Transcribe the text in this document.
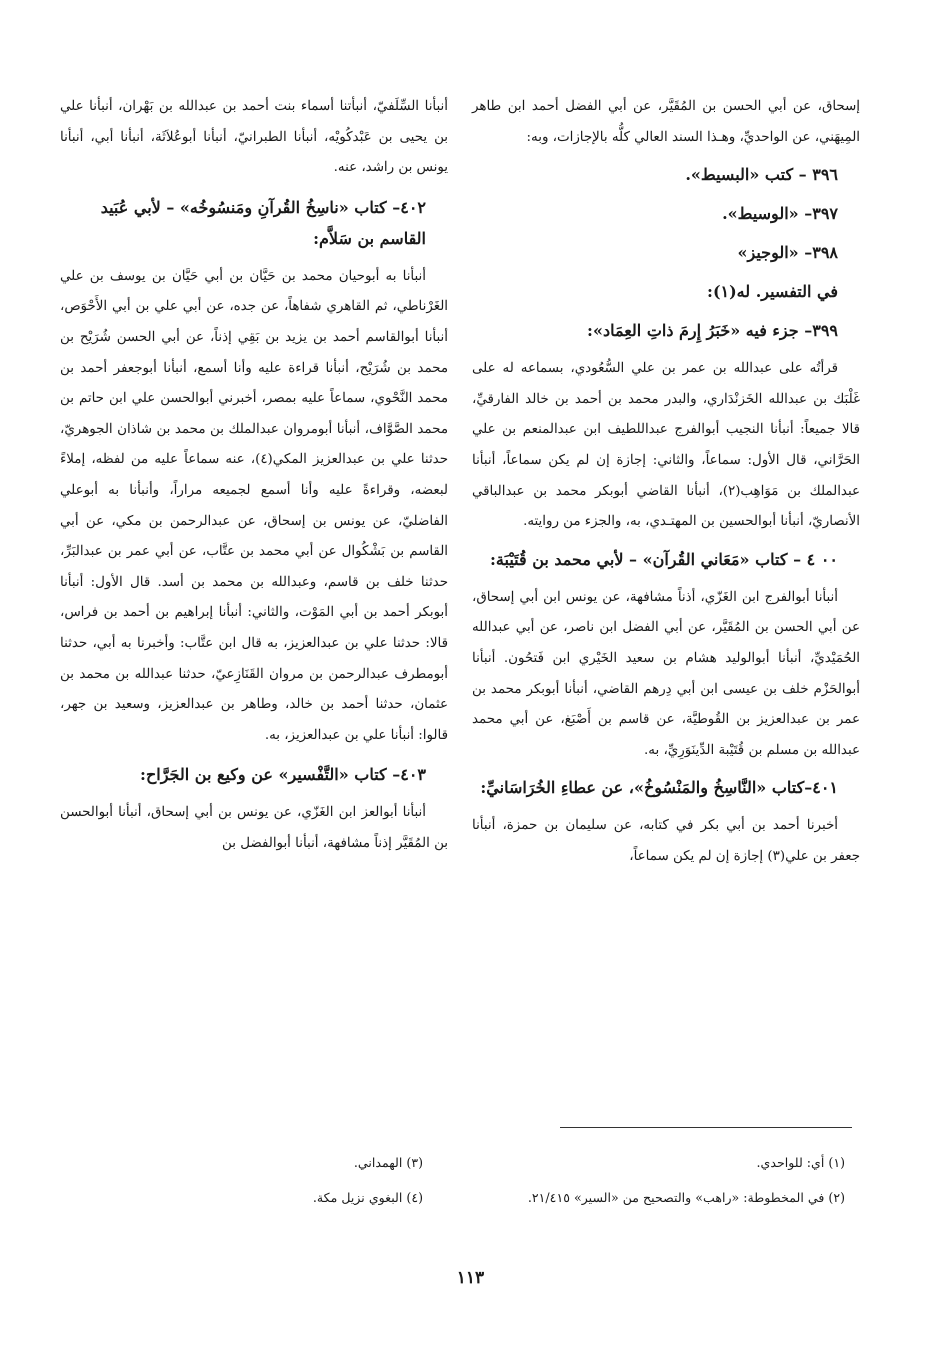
إسحاق، عن أبي الحسن بن المُقَيَّر، عن أبي الفضل أحمد ابن طاهر المِيهَني، عن الواحديِّ، وهـذا السند العالي كلُّه بالإجازات، وبه:

٣٩٦ – كتب «البسيط».
٣٩٧– «الوسيط».
٣٩٨– «الوجيز»
في التفسير. له(١):
٣٩٩– جزء فيه «خَبَرُ إِرمَ ذاتِ العِمَاد»:

قرأتُه على عبدالله بن عمر بن علي السُّعُودي، بسماعه له على غَلْبَك بن عبدالله الخَزنْدَاري، والبدر محمد بن أحمد بن خالد الفارقيِّ، قالا جميعاً: أنبأنا النجيب أبوالفرج عبداللطيف ابن عبدالمنعم بن علي الحَرَّاني، قال الأول: سماعاً، والثاني: إجازة إن لم يكن سماعاً، أنبأنا عبدالملك بن مَوَاهِب(٢)، أنبأنا القاضي أبوبكر محمد بن عبدالباقي الأنصاريّ، أنبأنا أبوالحسين بن المهتـدي، به، والجزء من روايته.

٠٠ ٤ – كتاب «مَعَاني القُرآن» – لأبي محمد بن قُتَيْبَة:

أنبأنا أبوالفرج ابن الغَزّي، أذناً مشافهة، عن يونس ابن أبي إسحاق، عن أبي الحسن بن المُقَيَّر، عن أبي الفضل ابن ناصر، عن أبي عبدالله الحُمَيْديِّ، أنبأنا أبوالوليد هشام بن سعيد الخَيْري ابن فَتحُون. أنبأنا أبوالحَزْم خلف بن عيسى ابن أبي دِرهم القاضي، أنبأنا أبوبكر محمد بن عمر بن عبدالعزيز بن القُوطيَّة، عن قاسم بن أَصْبَغ، عن أبي محمد عبدالله بن مسلم بن قُتَيْبة الدِّينَوَرِيِّ، به.

٤٠١–كتاب «النَّاسِخُ والمَنْسُوخُ»، عن عطاءِ الخُرَاسَانيِّ:

أخبرنا أحمد بن أبي بكر في كتابه، عن سليمان بن حمزة، أنبأنا جعفر بن علي(٣) إجازة إن لم يكن سماعاً،

أنبأنا السِّلَفيّ، أنبأتنا أسماء بنت أحمد بن عبدالله بن بَهْران، أنبأنا علي بن يحيى بن عَبْدكُويْه، أنبأنا الطبرانيّ، أنبأنا أبوعُلاَثَة، أنبأنا أبي، أنبأنا يونس بن راشد، عنه.

٤٠٢– كتاب «ناسِخُ القُرآنِ ومَنسُوخُه» – لأبي عُبَيد القاسم بن سَلاَّم:

أنبأنا به أبوحيان محمد بن حَيَّان بن أبي حَيَّان بن يوسف بن علي الغَرْناطي، ثم القاهري شفاهاً، عن جده، عن أبي علي بن أبي الأَحْوَص، أنبأنا أبوالقاسم أحمد بن يزيد بن بَقِي إذناً، عن أبي الحسن شُرَيْح بن محمد بن شُرَيْح، أنبأنا قراءة عليه وأنا أسمع، أنبأنا أبوجعفر أحمد بن محمد النَّحْوي، سماعاً عليه بمصر، أخبرني أبوالحسن علي ابن حاتم بن محمد الصَّوَّاف، أنبأنا أبومروان عبدالملك بن محمد بن شاذان الجوهريّ، حدثنا علي بن عبدالعزيز المكي(٤)، عنه سماعاً عليه من لفظه، إملاءً لبعضه، وقراءةً عليه وأنا أسمع لجميعه مراراً، وأنبأنا به أبوعلي الفاضليّ، عن يونس بن إسحاق، عن عبدالرحمن بن مكي، عن أبي القاسم بن بَشْكُوال عن أبي محمد بن عتَّاب، عن أبي عمر بن عبدالبَرِّ، حدثنا خلف بن قاسم، وعبدالله بن محمد بن أسد. قال الأول: أنبأنا أبوبكر أحمد بن أبي المَوْت، والثاني: أنبأنا إبراهيم بن أحمد بن فراس، قالا: حدثنا علي بن عبدالعزيز، به قال ابن عتَّاب: وأخبرنا به أبي، حدثنا أبومطرف عبدالرحمن بن مروان القَنَازِعيّ، حدثنا عبدالله بن محمد بن عثمان، حدثنا أحمد بن خالد، وطاهر بن عبدالعزيز، وسعيد بن جهر، قالوا: أنبأنا علي بن عبدالعزيز، به.

٤٠٣– كتاب «التَّفْسير» عن وكيع بن الجَرَّاح:

أنبأنا أبوالعز ابن الغَزّي، عن يونس بن أبي إسحاق، أنبأنا أبوالحسن بن المُقَيَّر إذناً مشافهة، أنبأنا أبوالفضل بن

(١) أي: للواحدي.
(٢) في المخطوطة: «راهب» والتصحيح من «السير» ٢١/٤١٥.
(٣) الهمداني.
(٤) البغوي نزيل مكة.
١١٣
